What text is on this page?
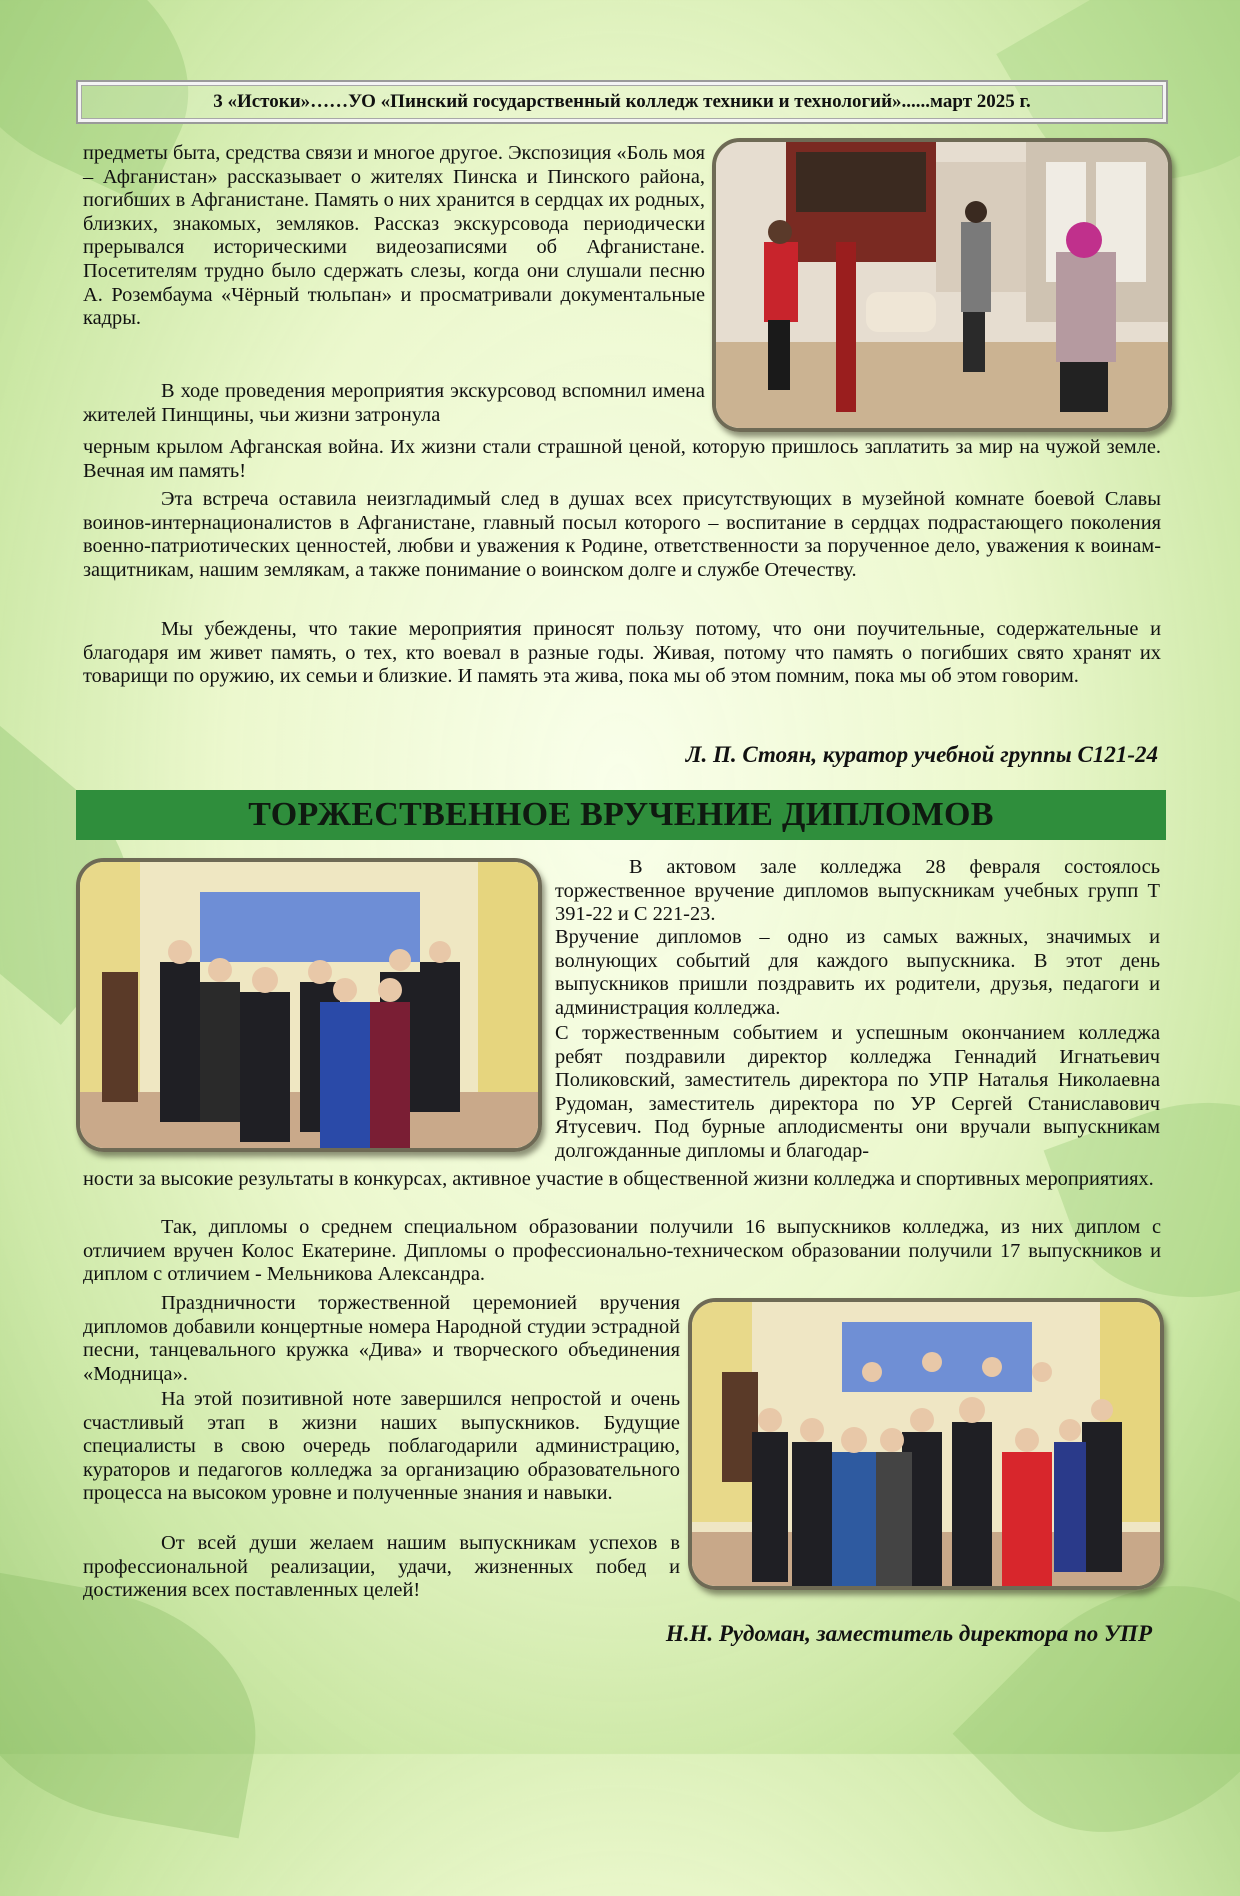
3 «Истоки»……УО «Пинский государственный колледж техники и технологий»......март 2025 г.

предметы быта, средства связи и многое другое. Экспозиция «Боль моя – Афганистан» рассказывает о жителях Пинска и Пинского района, погибших в Афганистане. Память о них хранится в сердцах их родных, близких, знакомых, земляков. Рассказ экскурсовода периодически прерывался историческими видеозаписями об Афганистане. Посетителям трудно было сдержать слезы, когда они слушали песню А. Розембаума «Чёрный тюльпан» и просматривали документальные кадры.

В ходе проведения мероприятия экскурсовод вспомнил имена жителей Пинщины, чьи жизни затронула

черным крылом Афганская война. Их жизни стали страшной ценой, которую пришлось заплатить за мир на чужой земле. Вечная им память!

Эта встреча оставила неизгладимый след в душах всех присутствующих в музейной комнате боевой Славы воинов-интернационалистов в Афганистане, главный посыл которого – воспитание в сердцах подрастающего поколения военно-патриотических ценностей, любви и уважения к Родине, ответственности за порученное дело, уважения к воинам-защитникам, нашим землякам, а также понимание о воинском долге и службе Отечеству.

Мы убеждены, что такие мероприятия приносят пользу потому, что они поучительные, содержательные и благодаря им живет память, о тех, кто воевал в разные годы. Живая, потому что память о погибших свято хранят их товарищи по оружию, их семьи и близкие. И память эта жива, пока мы об этом помним, пока мы об этом говорим.

Л. П. Стоян, куратор учебной группы С121-24
ТОРЖЕСТВЕННОЕ ВРУЧЕНИЕ ДИПЛОМОВ

В актовом зале колледжа 28 февраля состоялось торжественное вручение дипломов выпускникам учебных групп Т 391-22 и С 221-23.

Вручение дипломов – одно из самых важных, значимых и волнующих событий для каждого выпускника. В этот день выпускников пришли поздравить их родители, друзья, педагоги и администрация колледжа.

С торжественным событием и успешным окончанием колледжа ребят поздравили директор колледжа Геннадий Игнатьевич Поликовский, заместитель директора по УПР Наталья Николаевна Рудоман, заместитель директора по УР Сергей Станиславович Ятусевич. Под бурные аплодисменты они вручали выпускникам долгожданные дипломы и благодар-

ности за высокие результаты в конкурсах, активное участие в общественной жизни колледжа и спортивных мероприятиях.

Так, дипломы о среднем специальном образовании получили 16 выпускников колледжа, из них диплом с отличием вручен Колос Екатерине. Дипломы о профессионально-техническом образовании получили 17 выпускников и диплом с отличием - Мельникова Александра.

Праздничности торжественной церемонией вручения дипломов добавили концертные номера Народной студии эстрадной песни, танцевального кружка «Дива» и творческого объединения «Модница».

На этой позитивной ноте завершился непростой и очень счастливый этап в жизни наших выпускников. Будущие специалисты в свою очередь поблагодарили администрацию, кураторов и педагогов колледжа за организацию образовательного процесса на высоком уровне и полученные знания и навыки.

От всей души желаем нашим выпускникам успехов в профессиональной реализации, удачи, жизненных побед и достижения всех поставленных целей!

Н.Н. Рудоман, заместитель директора по УПР
